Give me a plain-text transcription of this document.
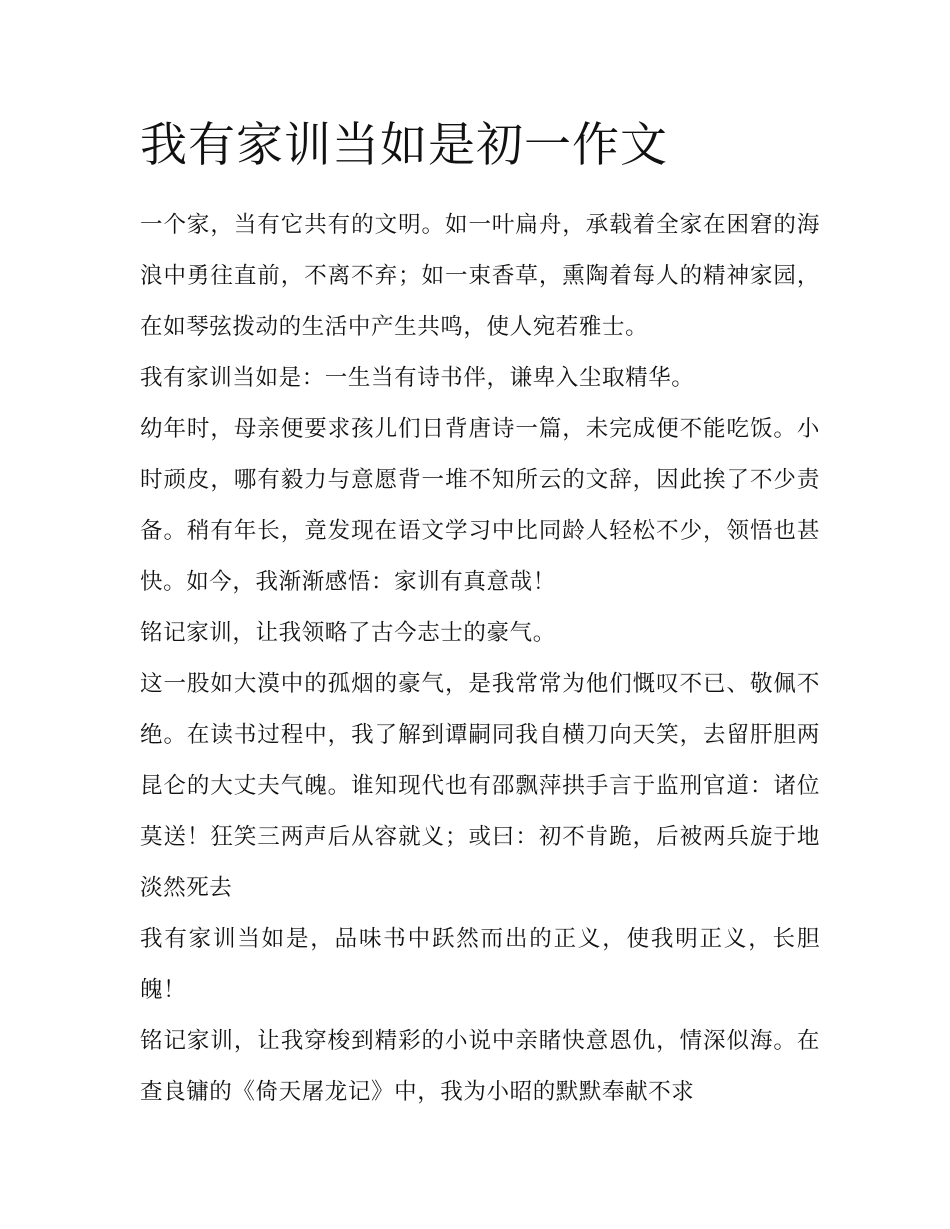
我有家训当如是初一作文

一个家，当有它共有的文明。如一叶扁舟，承载着全家在困窘的海浪中勇往直前，不离不弃；如一束香草，熏陶着每人的精神家园，在如琴弦拨动的生活中产生共鸣，使人宛若雅士。

我有家训当如是：一生当有诗书伴，谦卑入尘取精华。

幼年时，母亲便要求孩儿们日背唐诗一篇，未完成便不能吃饭。小时顽皮，哪有毅力与意愿背一堆不知所云的文辞，因此挨了不少责备。稍有年长，竟发现在语文学习中比同龄人轻松不少，领悟也甚快。如今，我渐渐感悟：家训有真意哉！

铭记家训，让我领略了古今志士的豪气。

这一股如大漠中的孤烟的豪气，是我常常为他们慨叹不已、敬佩不绝。在读书过程中，我了解到谭嗣同我自横刀向天笑，去留肝胆两昆仑的大丈夫气魄。谁知现代也有邵飘萍拱手言于监刑官道：诸位莫送！狂笑三两声后从容就义；或曰：初不肯跪，后被两兵旋于地淡然死去

我有家训当如是，品味书中跃然而出的正义，使我明正义，长胆魄！

铭记家训，让我穿梭到精彩的小说中亲睹快意恩仇，情深似海。在查良镛的《倚天屠龙记》中，我为小昭的默默奉献不求
